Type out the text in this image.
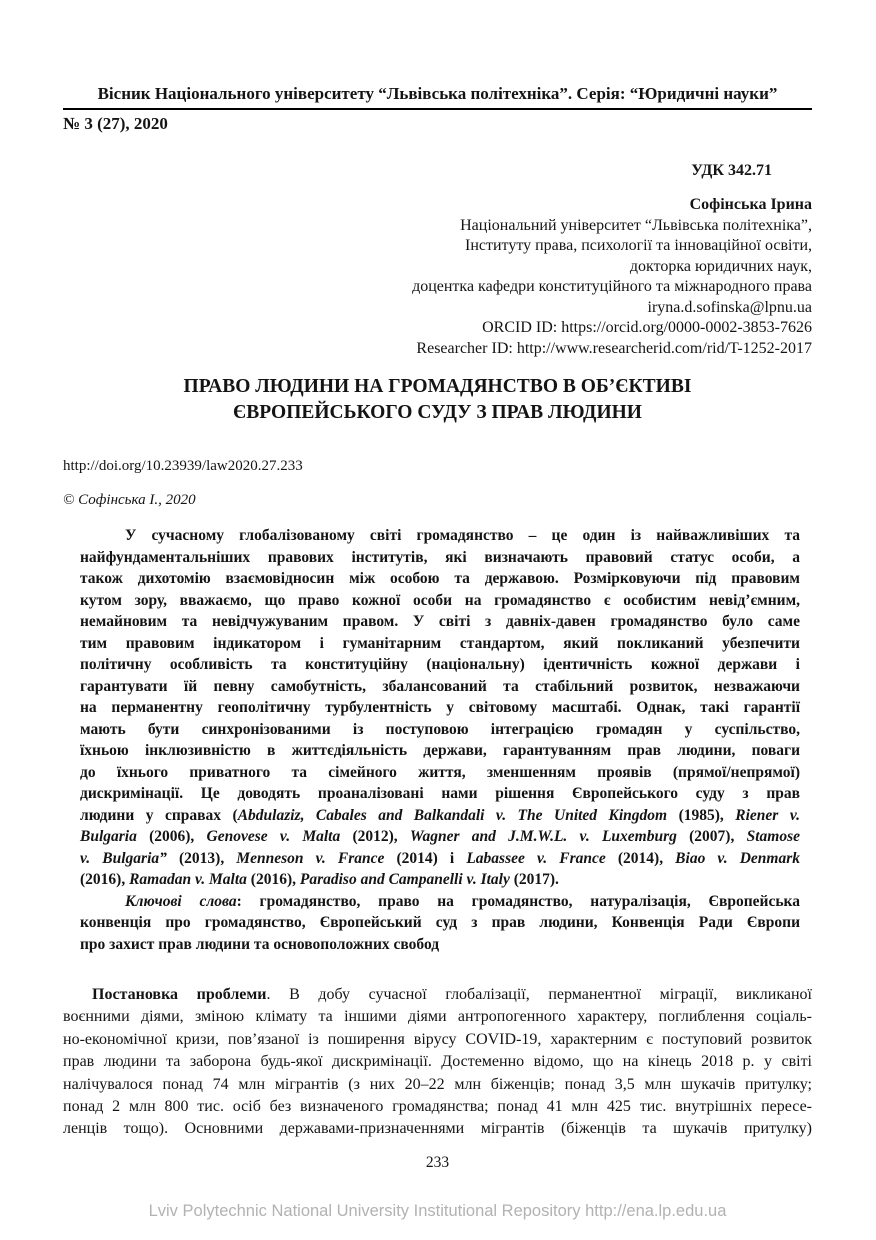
Вісник Національного університету “Львівська політехніка”. Серія: “Юридичні науки”
№ 3 (27), 2020
УДК 342.71
Софінська Ірина
Національний університет “Львівська політехніка”,
Інституту права, психології та інноваційної освіти,
докторка юридичних наук,
доцентка кафедри конституційного та міжнародного права
iryna.d.sofinska@lpnu.ua
ORCID ID: https://orcid.org/0000-0002-3853-7626
Researcher ID: http://www.researcherid.com/rid/T-1252-2017
ПРАВО ЛЮДИНИ НА ГРОМАДЯНСТВО В ОБ’ЄКТИВІ
ЄВРОПЕЙСЬКОГО СУДУ З ПРАВ ЛЮДИНИ
http://doi.org/10.23939/law2020.27.233
© Софінська І., 2020
У сучасному глобалізованому світі громадянство – це один із найважливіших та
найфундаментальніших правових інститутів, які визначають правовий статус особи, а
також дихотомію взаємовідносин між особою та державою. Розмірковуючи під правовим
кутом зору, вважаємо, що право кожної особи на громадянство є особистим невід’ємним,
немайновим та невідчужуваним правом. У світі з давніх-давен громадянство було саме
тим правовим індикатором і гуманітарним стандартом, який покликаний убезпечити
політичну особливість та конституційну (національну) ідентичність кожної держави і
гарантувати їй певну самобутність, збалансований та стабільний розвиток, незважаючи
на перманентну геополітичну турбулентність у світовому масштабі. Однак, такі гарантії
мають бути синхронізованими із поступовою інтеграцією громадян у суспільство,
їхньою інклюзивністю в життєдіяльність держави, гарантуванням прав людини, поваги
до їхнього приватного та сімейного життя, зменшенням проявів (прямої/непрямої)
дискримінації. Це доводять проаналізовані нами рішення Європейського суду з прав
людини у справах (Abdulaziz, Cabales and Balkandali v. The United Kingdom (1985), Riener v.
Bulgaria (2006), Genovese v. Malta (2012), Wagner and J.M.W.L. v. Luxemburg (2007), Stamose
v. Bulgaria” (2013), Menneson v. France (2014) і Labassee v. France (2014), Biao v. Denmark
(2016), Ramadan v. Malta (2016), Paradiso and Campanelli v. Italy (2017).
Ключові слова: громадянство, право на громадянство, натуралізація, Європейська
конвенція про громадянство, Європейський суд з прав людини, Конвенція Ради Європи
про захист прав людини та основоположних свобод
Постановка проблеми. В добу сучасної глобалізації, перманентної міграції, викликаної
воєнними діями, зміною клімату та іншими діями антропогенного характеру, поглиблення соціаль-
но-економічної кризи, пов’язаної із поширення вірусу COVID-19, характерним є поступовий розвиток
прав людини та заборона будь-якої дискримінації. Достеменно відомо, що на кінець 2018 р. у світі
налічувалося понад 74 млн мігрантів (з них 20–22 млн біженців; понад 3,5 млн шукачів притулку;
понад 2 млн 800 тис. осіб без визначеного громадянства; понад 41 млн 425 тис. внутрішніх пересе-
ленців тощо). Основними державами-призначеннями мігрантів (біженців та шукачів притулку)
233
Lviv Polytechnic National University Institutional Repository http://ena.lp.edu.ua
